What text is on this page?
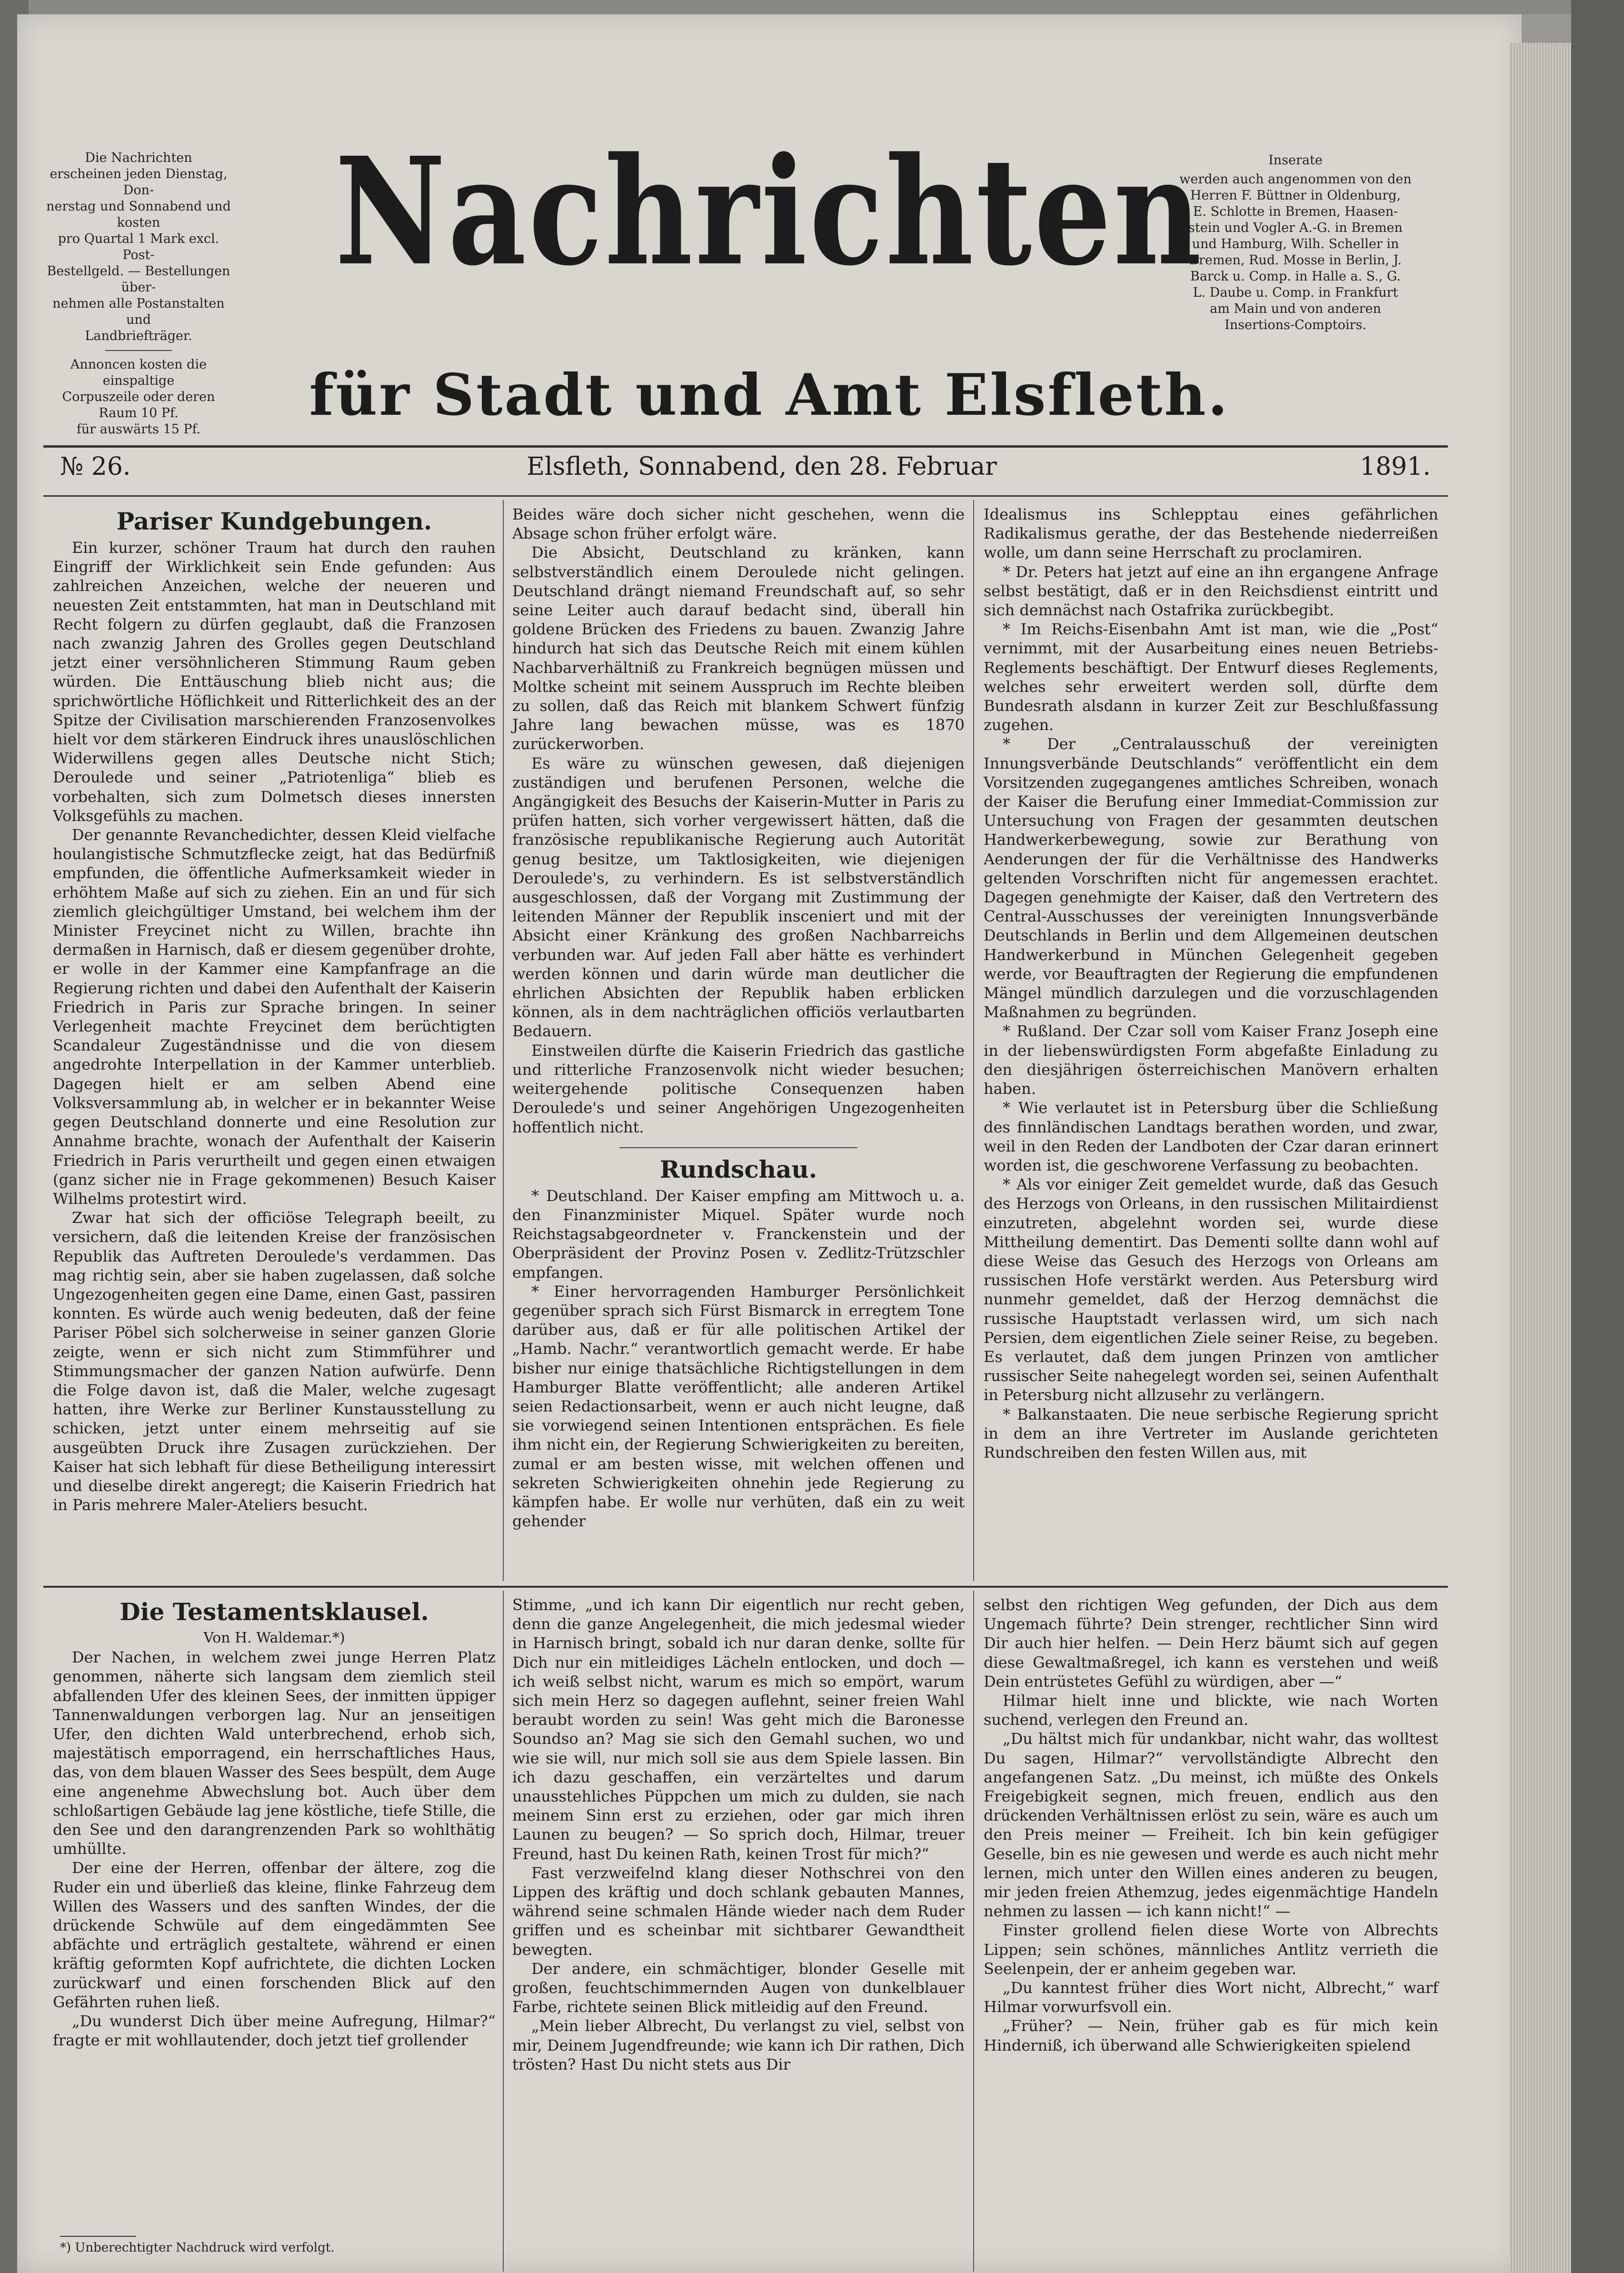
Die Nachrichten
erscheinen jeden Dienstag, Don-
nerstag und Sonnabend und kosten
pro Quartal 1 Mark excl. Post-
Bestellgeld. — Bestellungen über-
nehmen alle Postanstalten und
Landbriefträger.
Annoncen kosten die einspaltige
Corpuszeile oder deren Raum 10 Pf.
für auswärts 15 Pf.
Inserate
werden auch angenommen von den
Herren F. Büttner in Oldenburg,
E. Schlotte in Bremen, Haasen-
stein und Vogler A.-G. in Bremen
und Hamburg, Wilh. Scheller in
Bremen, Rud. Mosse in Berlin, J.
Barck u. Comp. in Halle a. S., G.
L. Daube u. Comp. in Frankfurt
am Main und von anderen
Insertions-Comptoirs.
Nachrichten
für Stadt und Amt Elsfleth.
№ 26.	Elsfleth, Sonnabend, den 28. Februar	1891.

Pariser Kundgebungen.

Ein kurzer, schöner Traum hat durch den rauhen Eingriff der Wirklichkeit sein Ende gefunden: Aus zahlreichen Anzeichen, welche der neueren und neuesten Zeit entstammten, hat man in Deutschland mit Recht folgern zu dürfen geglaubt, daß die Franzosen nach zwanzig Jahren des Grolles gegen Deutschland jetzt einer versöhnlicheren Stimmung Raum geben würden. Die Enttäuschung blieb nicht aus; die sprichwörtliche Höflichkeit und Ritterlichkeit des an der Spitze der Civilisation marschierenden Franzosenvolkes hielt vor dem stärkeren Eindruck ihres unauslöschlichen Widerwillens gegen alles Deutsche nicht Stich; Deroulede und seiner „Patriotenliga“ blieb es vorbehalten, sich zum Dolmetsch dieses innersten Volksgefühls zu machen.

Der genannte Revanchedichter, dessen Kleid vielfache houlangistische Schmutzflecke zeigt, hat das Bedürfniß empfunden, die öffentliche Aufmerksamkeit wieder in erhöhtem Maße auf sich zu ziehen. Ein an und für sich ziemlich gleichgültiger Umstand, bei welchem ihm der Minister Freycinet nicht zu Willen, brachte ihn dermaßen in Harnisch, daß er diesem gegenüber drohte, er wolle in der Kammer eine Kampfanfrage an die Regierung richten und dabei den Aufenthalt der Kaiserin Friedrich in Paris zur Sprache bringen. In seiner Verlegenheit machte Freycinet dem berüchtigten Scandaleur Zugeständnisse und die von diesem angedrohte Interpellation in der Kammer unterblieb. Dagegen hielt er am selben Abend eine Volksversammlung ab, in welcher er in bekannter Weise gegen Deutschland donnerte und eine Resolution zur Annahme brachte, wonach der Aufenthalt der Kaiserin Friedrich in Paris verurtheilt und gegen einen etwaigen (ganz sicher nie in Frage gekommenen) Besuch Kaiser Wilhelms protestirt wird.

Zwar hat sich der officiöse Telegraph beeilt, zu versichern, daß die leitenden Kreise der französischen Republik das Auftreten Deroulede's verdammen. Das mag richtig sein, aber sie haben zugelassen, daß solche Ungezogenheiten gegen eine Dame, einen Gast, passiren konnten. Es würde auch wenig bedeuten, daß der feine Pariser Pöbel sich solcherweise in seiner ganzen Glorie zeigte, wenn er sich nicht zum Stimmführer und Stimmungsmacher der ganzen Nation aufwürfe. Denn die Folge davon ist, daß die Maler, welche zugesagt hatten, ihre Werke zur Berliner Kunstausstellung zu schicken, jetzt unter einem mehrseitig auf sie ausgeübten Druck ihre Zusagen zurückziehen. Der Kaiser hat sich lebhaft für diese Betheiligung interessirt und dieselbe direkt angeregt; die Kaiserin Friedrich hat in Paris mehrere Maler-Ateliers besucht.

Beides wäre doch sicher nicht geschehen, wenn die Absage schon früher erfolgt wäre.

Die Absicht, Deutschland zu kränken, kann selbstverständlich einem Deroulede nicht gelingen. Deutschland drängt niemand Freundschaft auf, so sehr seine Leiter auch darauf bedacht sind, überall hin goldene Brücken des Friedens zu bauen. Zwanzig Jahre hindurch hat sich das Deutsche Reich mit einem kühlen Nachbarverhältniß zu Frankreich begnügen müssen und Moltke scheint mit seinem Ausspruch im Rechte bleiben zu sollen, daß das Reich mit blankem Schwert fünfzig Jahre lang bewachen müsse, was es 1870 zurückerworben.

Es wäre zu wünschen gewesen, daß diejenigen zuständigen und berufenen Personen, welche die Angängigkeit des Besuchs der Kaiserin-Mutter in Paris zu prüfen hatten, sich vorher vergewissert hätten, daß die französische republikanische Regierung auch Autorität genug besitze, um Taktlosigkeiten, wie diejenigen Deroulede's, zu verhindern. Es ist selbstverständlich ausgeschlossen, daß der Vorgang mit Zustimmung der leitenden Männer der Republik insceniert und mit der Absicht einer Kränkung des großen Nachbarreichs verbunden war. Auf jeden Fall aber hätte es verhindert werden können und darin würde man deutlicher die ehrlichen Absichten der Republik haben erblicken können, als in dem nachträglichen officiös verlautbarten Bedauern.

Einstweilen dürfte die Kaiserin Friedrich das gastliche und ritterliche Franzosenvolk nicht wieder besuchen; weitergehende politische Consequenzen haben Deroulede's und seiner Angehörigen Ungezogenheiten hoffentlich nicht.

Rundschau.

* Deutschland. Der Kaiser empfing am Mittwoch u. a. den Finanzminister Miquel. Später wurde noch Reichstagsabgeordneter v. Franckenstein und der Oberpräsident der Provinz Posen v. Zedlitz-Trützschler empfangen.

* Einer hervorragenden Hamburger Persönlichkeit gegenüber sprach sich Fürst Bismarck in erregtem Tone darüber aus, daß er für alle politischen Artikel der „Hamb. Nachr.“ verantwortlich gemacht werde. Er habe bisher nur einige thatsächliche Richtigstellungen in dem Hamburger Blatte veröffentlicht; alle anderen Artikel seien Redactionsarbeit, wenn er auch nicht leugne, daß sie vorwiegend seinen Intentionen entsprächen. Es fiele ihm nicht ein, der Regierung Schwierigkeiten zu bereiten, zumal er am besten wisse, mit welchen offenen und sekreten Schwierigkeiten ohnehin jede Regierung zu kämpfen habe. Er wolle nur verhüten, daß ein zu weit gehender

Idealismus ins Schlepptau eines gefährlichen Radikalismus gerathe, der das Bestehende niederreißen wolle, um dann seine Herrschaft zu proclamiren.

* Dr. Peters hat jetzt auf eine an ihn ergangene Anfrage selbst bestätigt, daß er in den Reichsdienst eintritt und sich demnächst nach Ostafrika zurückbegibt.

* Im Reichs-Eisenbahn Amt ist man, wie die „Post“ vernimmt, mit der Ausarbeitung eines neuen Betriebs-Reglements beschäftigt. Der Entwurf dieses Reglements, welches sehr erweitert werden soll, dürfte dem Bundesrath alsdann in kurzer Zeit zur Beschlußfassung zugehen.

* Der „Centralausschuß der vereinigten Innungsverbände Deutschlands“ veröffentlicht ein dem Vorsitzenden zugegangenes amtliches Schreiben, wonach der Kaiser die Berufung einer Immediat-Commission zur Untersuchung von Fragen der gesammten deutschen Handwerkerbewegung, sowie zur Berathung von Aenderungen der für die Verhältnisse des Handwerks geltenden Vorschriften nicht für angemessen erachtet. Dagegen genehmigte der Kaiser, daß den Vertretern des Central-Ausschusses der vereinigten Innungsverbände Deutschlands in Berlin und dem Allgemeinen deutschen Handwerkerbund in München Gelegenheit gegeben werde, vor Beauftragten der Regierung die empfundenen Mängel mündlich darzulegen und die vorzuschlagenden Maßnahmen zu begründen.

* Rußland. Der Czar soll vom Kaiser Franz Joseph eine in der liebenswürdigsten Form abgefaßte Einladung zu den diesjährigen österreichischen Manövern erhalten haben.

* Wie verlautet ist in Petersburg über die Schließung des finnländischen Landtags berathen worden, und zwar, weil in den Reden der Landboten der Czar daran erinnert worden ist, die geschworene Verfassung zu beobachten.

* Als vor einiger Zeit gemeldet wurde, daß das Gesuch des Herzogs von Orleans, in den russischen Militairdienst einzutreten, abgelehnt worden sei, wurde diese Mittheilung dementirt. Das Dementi sollte dann wohl auf diese Weise das Gesuch des Herzogs von Orleans am russischen Hofe verstärkt werden. Aus Petersburg wird nunmehr gemeldet, daß der Herzog demnächst die russische Hauptstadt verlassen wird, um sich nach Persien, dem eigentlichen Ziele seiner Reise, zu begeben. Es verlautet, daß dem jungen Prinzen von amtlicher russischer Seite nahegelegt worden sei, seinen Aufenthalt in Petersburg nicht allzusehr zu verlängern.

* Balkanstaaten. Die neue serbische Regierung spricht in dem an ihre Vertreter im Auslande gerichteten Rundschreiben den festen Willen aus, mit

Die Testamentsklausel.

Von H. Waldemar.*)

Der Nachen, in welchem zwei junge Herren Platz genommen, näherte sich langsam dem ziemlich steil abfallenden Ufer des kleinen Sees, der inmitten üppiger Tannenwaldungen verborgen lag. Nur an jenseitigen Ufer, den dichten Wald unterbrechend, erhob sich, majestätisch emporragend, ein herrschaftliches Haus, das, von dem blauen Wasser des Sees bespült, dem Auge eine angenehme Abwechslung bot. Auch über dem schloßartigen Gebäude lag jene köstliche, tiefe Stille, die den See und den darangrenzenden Park so wohlthätig umhüllte.

Der eine der Herren, offenbar der ältere, zog die Ruder ein und überließ das kleine, flinke Fahrzeug dem Willen des Wassers und des sanften Windes, der die drückende Schwüle auf dem eingedämmten See abfächte und erträglich gestaltete, während er einen kräftig geformten Kopf aufrichtete, die dichten Locken zurückwarf und einen forschenden Blick auf den Gefährten ruhen ließ.

„Du wunderst Dich über meine Aufregung, Hilmar?“ fragte er mit wohllautender, doch jetzt tief grollender

*) Unberechtigter Nachdruck wird verfolgt.

Stimme, „und ich kann Dir eigentlich nur recht geben, denn die ganze Angelegenheit, die mich jedesmal wieder in Harnisch bringt, sobald ich nur daran denke, sollte für Dich nur ein mitleidiges Lächeln entlocken, und doch — ich weiß selbst nicht, warum es mich so empört, warum sich mein Herz so dagegen auflehnt, seiner freien Wahl beraubt worden zu sein! Was geht mich die Baronesse Soundso an? Mag sie sich den Gemahl suchen, wo und wie sie will, nur mich soll sie aus dem Spiele lassen. Bin ich dazu geschaffen, ein verzärteltes und darum unausstehliches Püppchen um mich zu dulden, sie nach meinem Sinn erst zu erziehen, oder gar mich ihren Launen zu beugen? — So sprich doch, Hilmar, treuer Freund, hast Du keinen Rath, keinen Trost für mich?“

Fast verzweifelnd klang dieser Nothschrei von den Lippen des kräftig und doch schlank gebauten Mannes, während seine schmalen Hände wieder nach dem Ruder griffen und es scheinbar mit sichtbarer Gewandtheit bewegten.

Der andere, ein schmächtiger, blonder Geselle mit großen, feuchtschimmernden Augen von dunkelblauer Farbe, richtete seinen Blick mitleidig auf den Freund.

„Mein lieber Albrecht, Du verlangst zu viel, selbst von mir, Deinem Jugendfreunde; wie kann ich Dir rathen, Dich trösten? Hast Du nicht stets aus Dir

selbst den richtigen Weg gefunden, der Dich aus dem Ungemach führte? Dein strenger, rechtlicher Sinn wird Dir auch hier helfen. — Dein Herz bäumt sich auf gegen diese Gewaltmaßregel, ich kann es verstehen und weiß Dein entrüstetes Gefühl zu würdigen, aber —“

Hilmar hielt inne und blickte, wie nach Worten suchend, verlegen den Freund an.

„Du hältst mich für undankbar, nicht wahr, das wolltest Du sagen, Hilmar?“ vervollständigte Albrecht den angefangenen Satz. „Du meinst, ich müßte des Onkels Freigebigkeit segnen, mich freuen, endlich aus den drückenden Verhältnissen erlöst zu sein, wäre es auch um den Preis meiner — Freiheit. Ich bin kein gefügiger Geselle, bin es nie gewesen und werde es auch nicht mehr lernen, mich unter den Willen eines anderen zu beugen, mir jeden freien Athemzug, jedes eigenmächtige Handeln nehmen zu lassen — ich kann nicht!“ —

Finster grollend fielen diese Worte von Albrechts Lippen; sein schönes, männliches Antlitz verrieth die Seelenpein, der er anheim gegeben war.

„Du kanntest früher dies Wort nicht, Albrecht,“ warf Hilmar vorwurfsvoll ein.

„Früher? — Nein, früher gab es für mich kein Hinderniß, ich überwand alle Schwierigkeiten spielend
